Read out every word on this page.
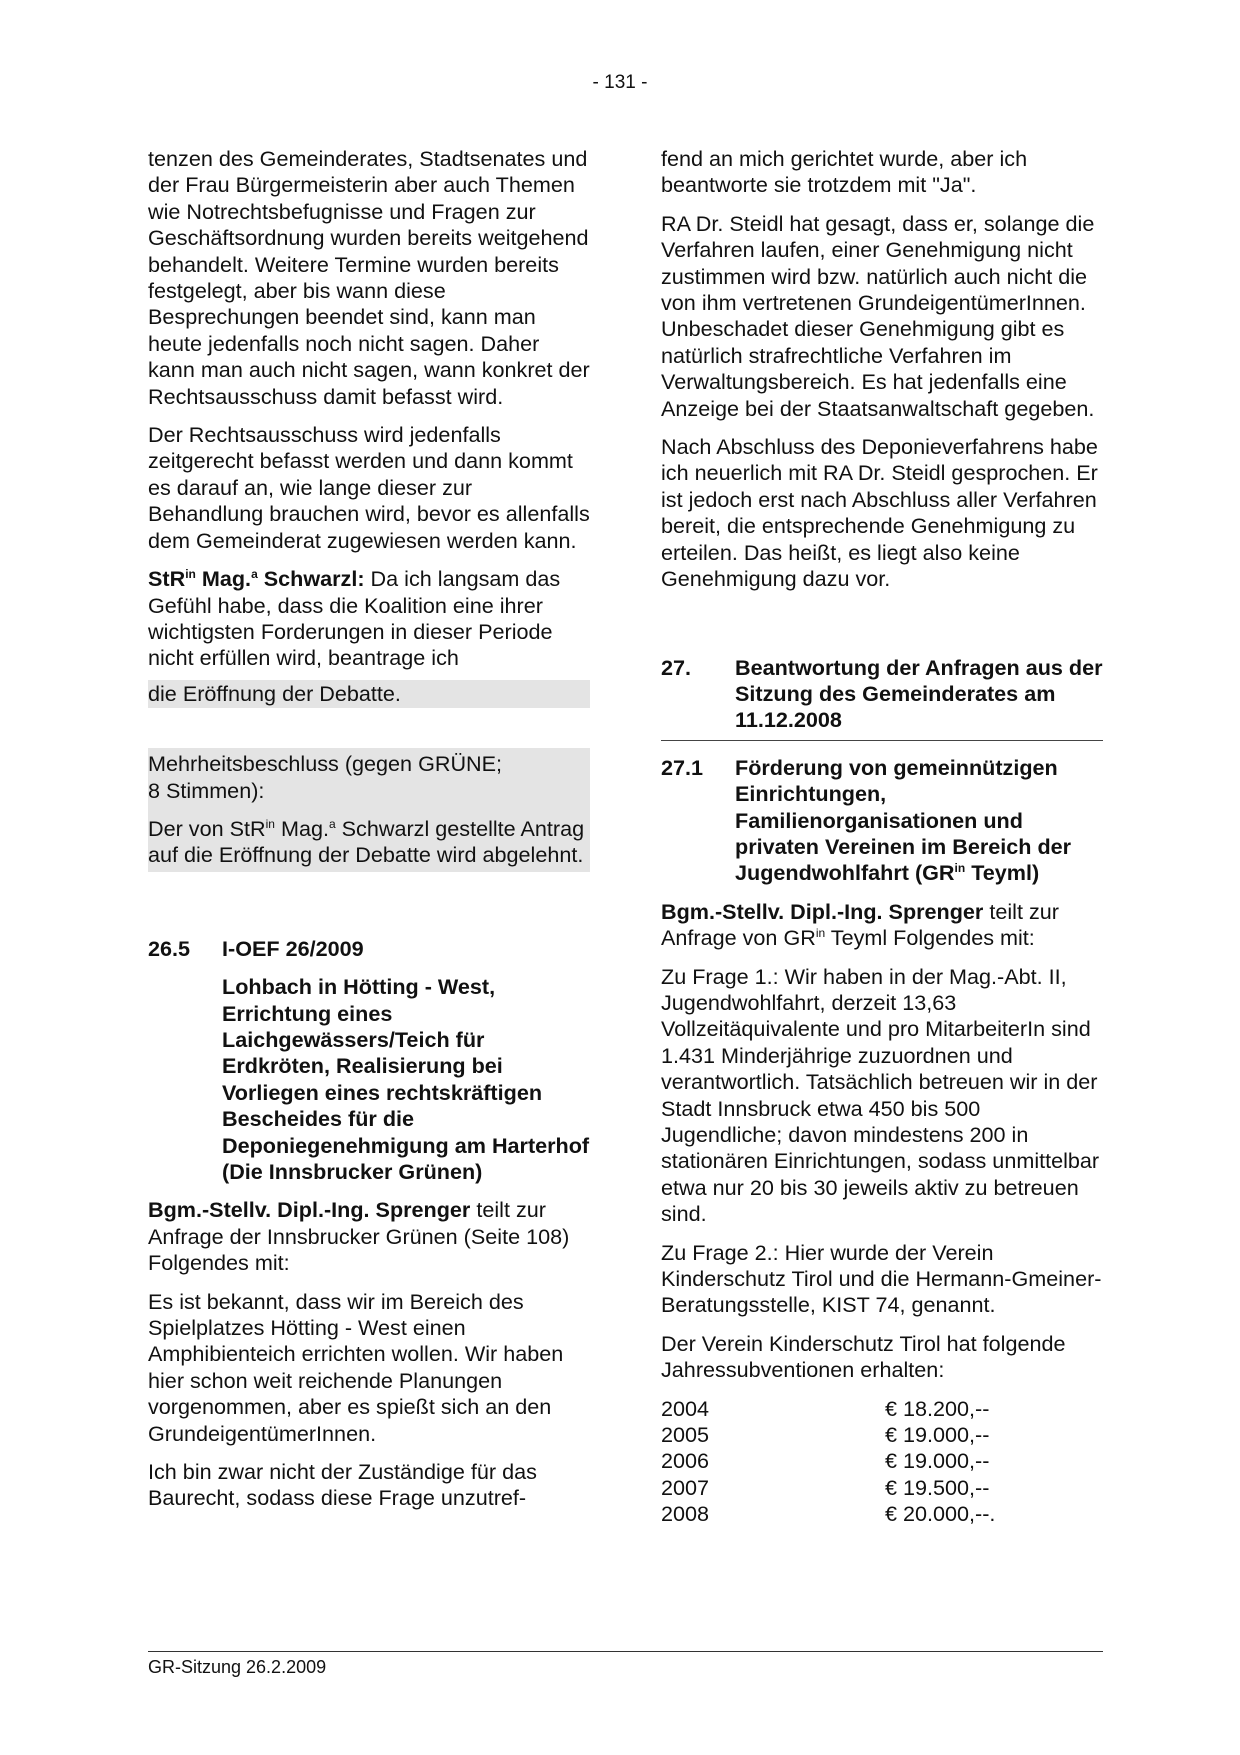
- 131 -

tenzen des Gemeinderates, Stadtsenates und der Frau Bürgermeisterin aber auch Themen wie Notrechtsbefugnisse und Fragen zur Geschäftsordnung wurden bereits weitgehend behandelt. Weitere Termine wurden bereits festgelegt, aber bis wann diese Besprechungen beendet sind, kann man heute jedenfalls noch nicht sagen. Daher kann man auch nicht sagen, wann konkret der Rechtsausschuss damit befasst wird.

Der Rechtsausschuss wird jedenfalls zeitgerecht befasst werden und dann kommt es darauf an, wie lange dieser zur Behandlung brauchen wird, bevor es allenfalls dem Gemeinderat zugewiesen werden kann.

StR$^{in}$ Mag.$^a$ Schwarzl: Da ich langsam das Gefühl habe, dass die Koalition eine ihrer wichtigsten Forderungen in dieser Periode nicht erfüllen wird, beantrage ich

die Eröffnung der Debatte.

Mehrheitsbeschluss (gegen GRÜNE; 8 Stimmen):

Der von StR$^{in}$ Mag.$^a$ Schwarzl gestellte Antrag auf die Eröffnung der Debatte wird abgelehnt.

26.5	I-OEF 26/2009

Lohbach in Hötting - West, Errichtung eines Laichgewässers/Teich für Erdkröten, Realisierung bei Vorliegen eines rechtskräftigen Bescheides für die Deponiegenehmigung am Harterhof (Die Innsbrucker Grünen)

Bgm.-Stellv. Dipl.-Ing. Sprenger teilt zur Anfrage der Innsbrucker Grünen (Seite 108) Folgendes mit:

Es ist bekannt, dass wir im Bereich des Spielplatzes Hötting - West einen Amphibienteich errichten wollen. Wir haben hier schon weit reichende Planungen vorgenommen, aber es spießt sich an den GrundeigentümerInnen.

Ich bin zwar nicht der Zuständige für das Baurecht, sodass diese Frage unzutref-

fend an mich gerichtet wurde, aber ich beantworte sie trotzdem mit "Ja".

RA Dr. Steidl hat gesagt, dass er, solange die Verfahren laufen, einer Genehmigung nicht zustimmen wird bzw. natürlich auch nicht die von ihm vertretenen GrundeigentümerInnen. Unbeschadet dieser Genehmigung gibt es natürlich strafrechtliche Verfahren im Verwaltungsbereich. Es hat jedenfalls eine Anzeige bei der Staatsanwaltschaft gegeben.

Nach Abschluss des Deponieverfahrens habe ich neuerlich mit RA Dr. Steidl gesprochen. Er ist jedoch erst nach Abschluss aller Verfahren bereit, die entsprechende Genehmigung zu erteilen. Das heißt, es liegt also keine Genehmigung dazu vor.

27.	Beantwortung der Anfragen aus der Sitzung des Gemeinderates am 11.12.2008
27.1	Förderung von gemeinnützigen Einrichtungen, Familienorganisationen und privaten Vereinen im Bereich der Jugendwohlfahrt ($GR^{in}$ Teyml)

Bgm.-Stellv. Dipl.-Ing. Sprenger teilt zur Anfrage von $GR^{in}$ Teyml Folgendes mit:

Zu Frage 1.: Wir haben in der Mag.-Abt. II, Jugendwohlfahrt, derzeit 13,63 Vollzeitäquivalente und pro MitarbeiterIn sind 1.431 Minderjährige zuzuordnen und verantwortlich. Tatsächlich betreuen wir in der Stadt Innsbruck etwa 450 bis 500 Jugendliche; davon mindestens 200 in stationären Einrichtungen, sodass unmittelbar etwa nur 20 bis 30 jeweils aktiv zu betreuen sind.

Zu Frage 2.: Hier wurde der Verein Kinderschutz Tirol und die Hermann-Gmeiner-Beratungsstelle, KIST 74, genannt.

Der Verein Kinderschutz Tirol hat folgende Jahressubventionen erhalten:

2004	€ 18.200,--
2005	€ 19.000,--
2006	€ 19.000,--
2007	€ 19.500,--
2008	€ 20.000,--.
GR-Sitzung 26.2.2009
